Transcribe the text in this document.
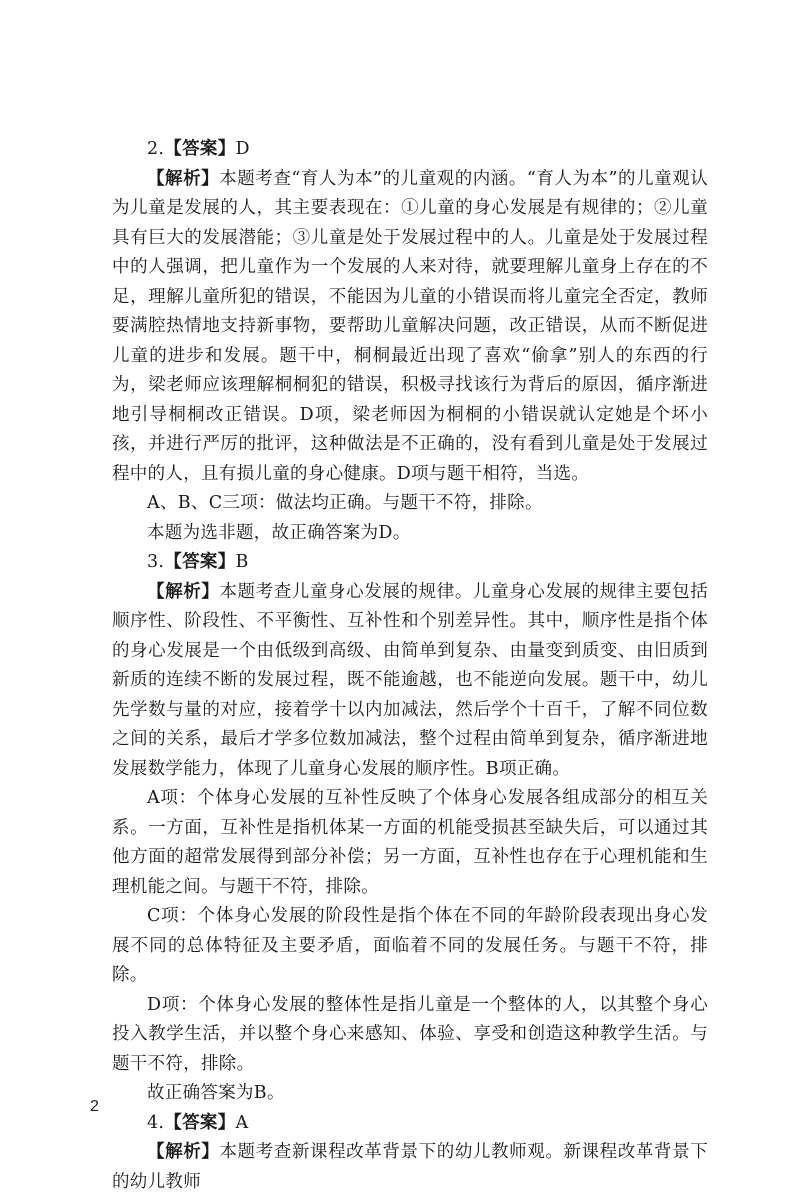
2.【答案】D

【解析】本题考查“育人为本”的儿童观的内涵。“育人为本”的儿童观认为儿童是发展的人，其主要表现在：①儿童的身心发展是有规律的；②儿童具有巨大的发展潜能；③儿童是处于发展过程中的人。儿童是处于发展过程中的人强调，把儿童作为一个发展的人来对待，就要理解儿童身上存在的不足，理解儿童所犯的错误，不能因为儿童的小错误而将儿童完全否定，教师要满腔热情地支持新事物，要帮助儿童解决问题，改正错误，从而不断促进儿童的进步和发展。题干中，桐桐最近出现了喜欢“偷拿”别人的东西的行为，梁老师应该理解桐桐犯的错误，积极寻找该行为背后的原因，循序渐进地引导桐桐改正错误。D项，梁老师因为桐桐的小错误就认定她是个坏小孩，并进行严厉的批评，这种做法是不正确的，没有看到儿童是处于发展过程中的人，且有损儿童的身心健康。D项与题干相符，当选。

A、B、C三项：做法均正确。与题干不符，排除。

本题为选非题，故正确答案为D。

3.【答案】B

【解析】本题考查儿童身心发展的规律。儿童身心发展的规律主要包括顺序性、阶段性、不平衡性、互补性和个别差异性。其中，顺序性是指个体的身心发展是一个由低级到高级、由简单到复杂、由量变到质变、由旧质到新质的连续不断的发展过程，既不能逾越，也不能逆向发展。题干中，幼儿先学数与量的对应，接着学十以内加减法，然后学个十百千，了解不同位数之间的关系，最后才学多位数加减法，整个过程由简单到复杂，循序渐进地发展数学能力，体现了儿童身心发展的顺序性。B项正确。

A项：个体身心发展的互补性反映了个体身心发展各组成部分的相互关系。一方面，互补性是指机体某一方面的机能受损甚至缺失后，可以通过其他方面的超常发展得到部分补偿；另一方面，互补性也存在于心理机能和生理机能之间。与题干不符，排除。

C项：个体身心发展的阶段性是指个体在不同的年龄阶段表现出身心发展不同的总体特征及主要矛盾，面临着不同的发展任务。与题干不符，排除。

D项：个体身心发展的整体性是指儿童是一个整体的人，以其整个身心投入教学生活，并以整个身心来感知、体验、享受和创造这种教学生活。与题干不符，排除。

故正确答案为B。

4.【答案】A

【解析】本题考查新课程改革背景下的幼儿教师观。新课程改革背景下的幼儿教师

2
